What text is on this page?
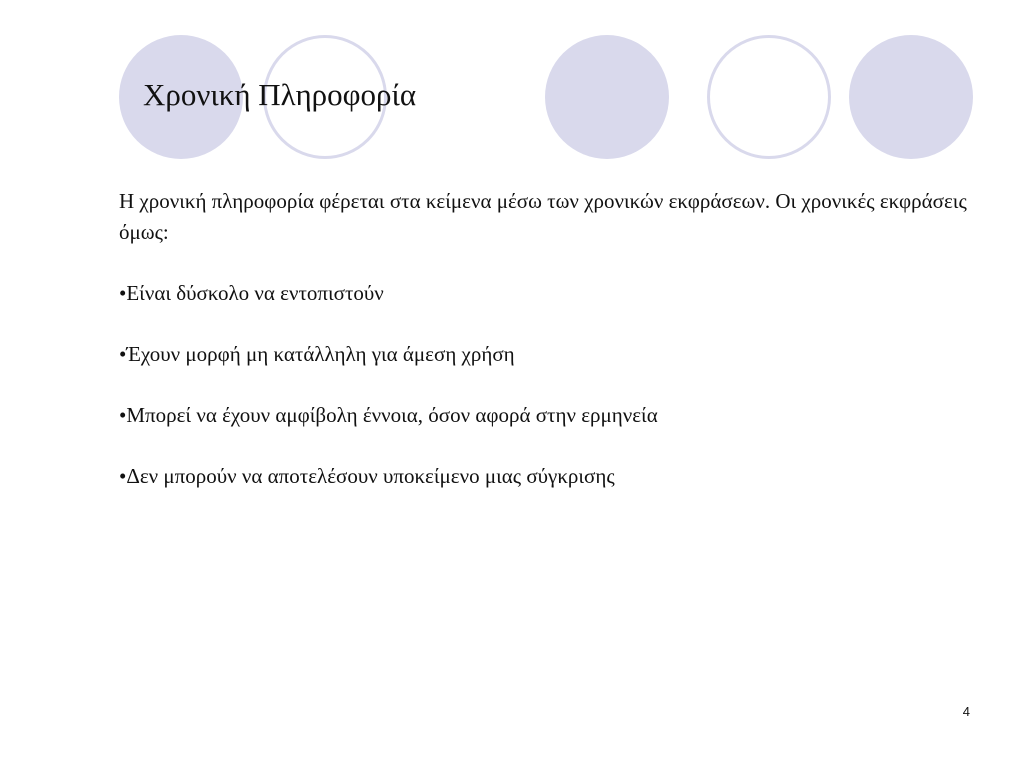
Χρονική Πληροφορία

Η χρονική πληροφορία φέρεται στα κείμενα μέσω των χρονικών εκφράσεων. Οι χρονικές εκφράσεις όμως:

•Είναι δύσκολο να εντοπιστούν
•Έχουν μορφή μη κατάλληλη για άμεση χρήση
•Μπορεί να έχουν αμφίβολη έννοια, όσον αφορά στην ερμηνεία
•Δεν μπορούν να αποτελέσουν υποκείμενο μιας σύγκρισης
4
